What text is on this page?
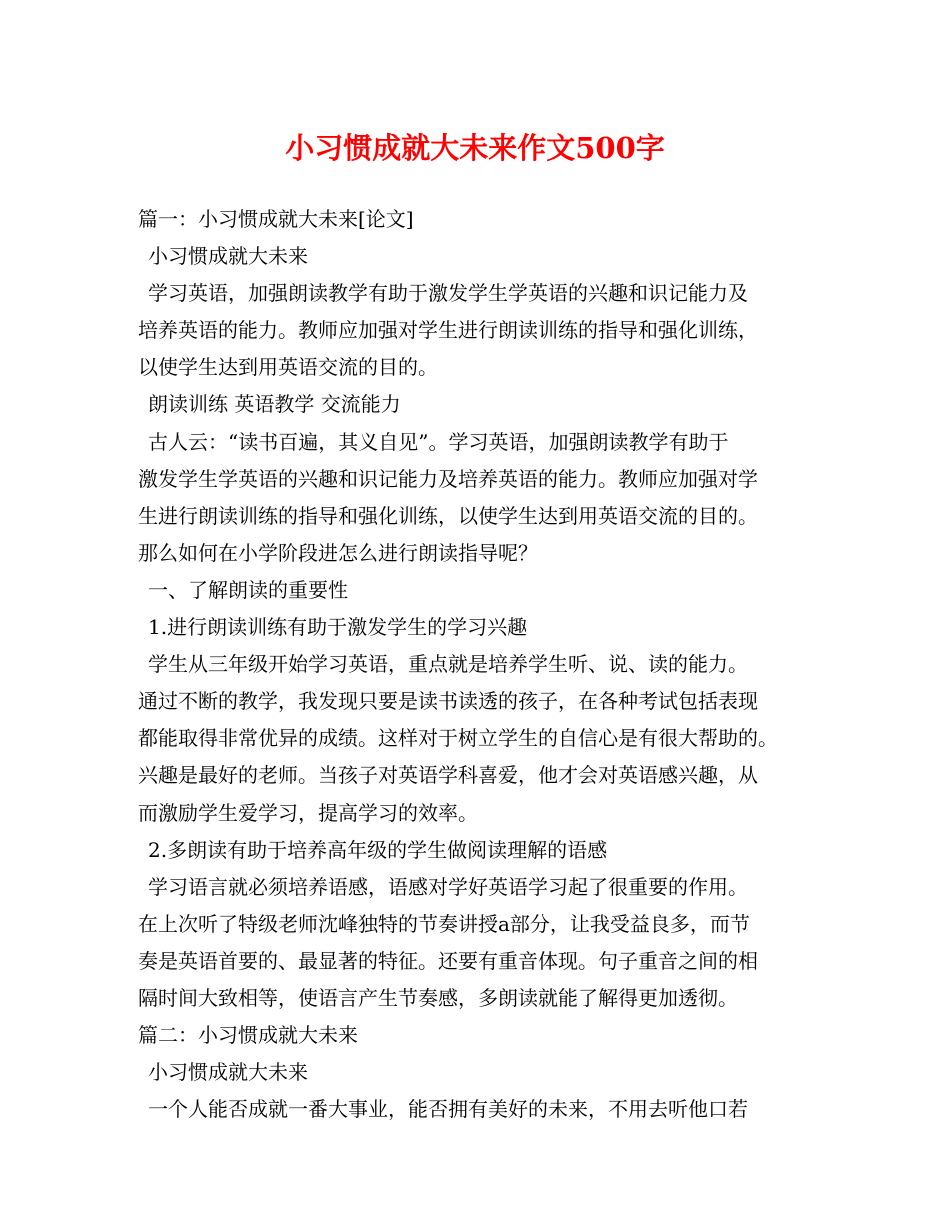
小习惯成就大未来作文500字

篇一：小习惯成就大未来[论文]

小习惯成就大未来

学习英语，加强朗读教学有助于激发学生学英语的兴趣和识记能力及

培养英语的能力。教师应加强对学生进行朗读训练的指导和强化训练，

以使学生达到用英语交流的目的。

朗读训练 英语教学 交流能力

古人云：“读书百遍，其义自见”。学习英语，加强朗读教学有助于

激发学生学英语的兴趣和识记能力及培养英语的能力。教师应加强对学

生进行朗读训练的指导和强化训练，以使学生达到用英语交流的目的。

那么如何在小学阶段进怎么进行朗读指导呢？

一、了解朗读的重要性

1.进行朗读训练有助于激发学生的学习兴趣

学生从三年级开始学习英语，重点就是培养学生听、说、读的能力。

通过不断的教学，我发现只要是读书读透的孩子，在各种考试包括表现

都能取得非常优异的成绩。这样对于树立学生的自信心是有很大帮助的。

兴趣是最好的老师。当孩子对英语学科喜爱，他才会对英语感兴趣，从

而激励学生爱学习，提高学习的效率。

2.多朗读有助于培养高年级的学生做阅读理解的语感

学习语言就必须培养语感，语感对学好英语学习起了很重要的作用。

在上次听了特级老师沈峰独特的节奏讲授a部分，让我受益良多，而节

奏是英语首要的、最显著的特征。还要有重音体现。句子重音之间的相

隔时间大致相等，使语言产生节奏感，多朗读就能了解得更加透彻。

篇二：小习惯成就大未来

小习惯成就大未来

一个人能否成就一番大事业，能否拥有美好的未来，不用去听他口若
